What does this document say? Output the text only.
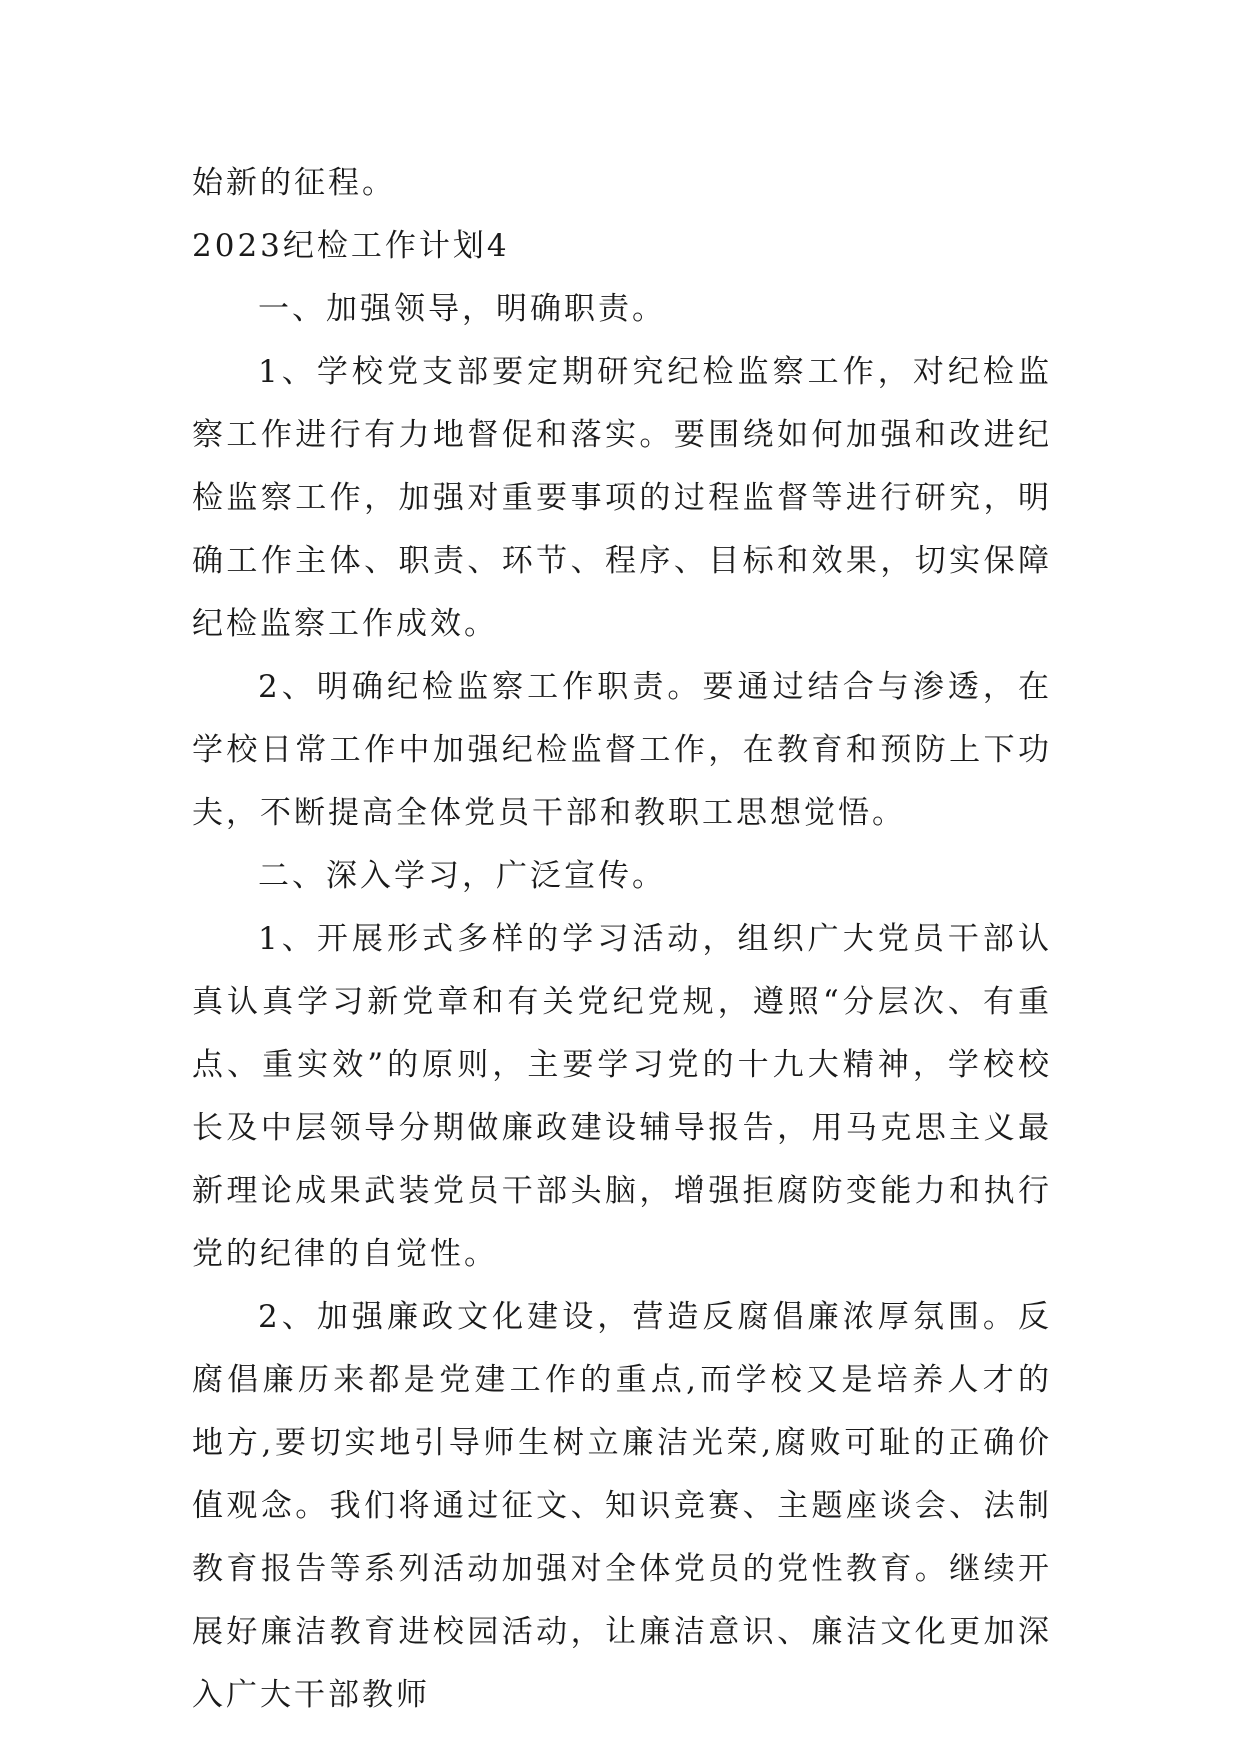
始新的征程。

2023纪检工作计划4

一、加强领导，明确职责。

1、学校党支部要定期研究纪检监察工作，对纪检监察工作进行有力地督促和落实。要围绕如何加强和改进纪检监察工作，加强对重要事项的过程监督等进行研究，明确工作主体、职责、环节、程序、目标和效果，切实保障纪检监察工作成效。

2、明确纪检监察工作职责。要通过结合与渗透，在学校日常工作中加强纪检监督工作，在教育和预防上下功夫，不断提高全体党员干部和教职工思想觉悟。

二、深入学习，广泛宣传。

1、开展形式多样的学习活动，组织广大党员干部认真认真学习新党章和有关党纪党规，遵照“分层次、有重点、重实效”的原则，主要学习党的十九大精神，学校校长及中层领导分期做廉政建设辅导报告，用马克思主义最新理论成果武装党员干部头脑，增强拒腐防变能力和执行党的纪律的自觉性。

2、加强廉政文化建设，营造反腐倡廉浓厚氛围。反腐倡廉历来都是党建工作的重点,而学校又是培养人才的地方,要切实地引导师生树立廉洁光荣,腐败可耻的正确价值观念。我们将通过征文、知识竞赛、主题座谈会、法制教育报告等系列活动加强对全体党员的党性教育。继续开展好廉洁教育进校园活动，让廉洁意识、廉洁文化更加深入广大干部教师
